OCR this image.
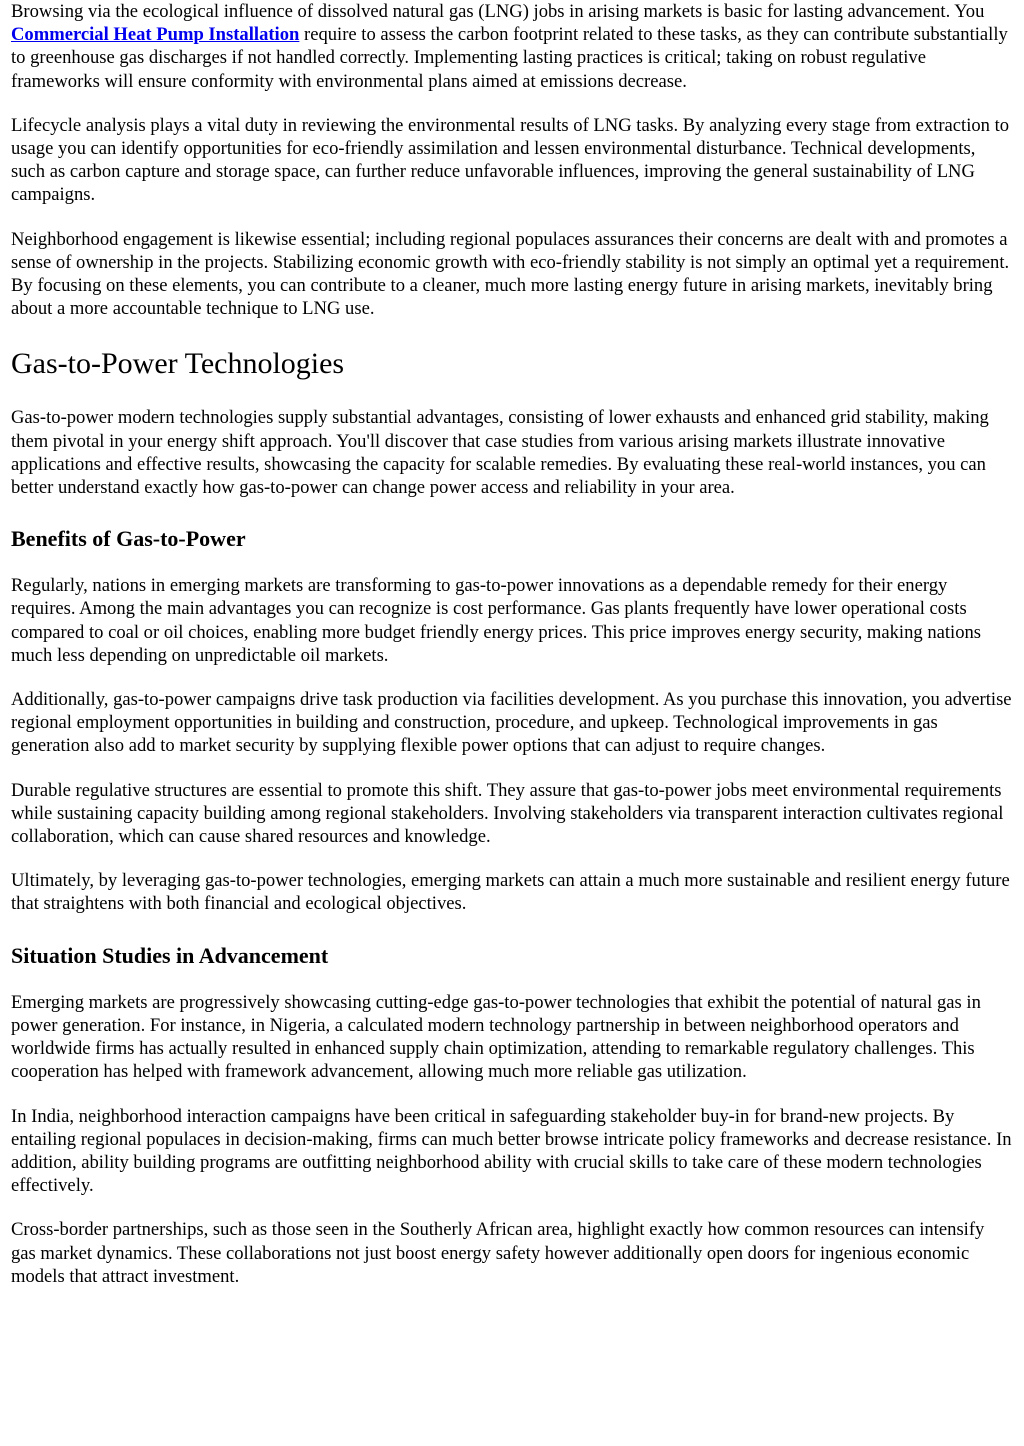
Browsing via the ecological influence of dissolved natural gas (LNG) jobs in arising markets is basic for lasting advancement. You Commercial Heat Pump Installation require to assess the carbon footprint related to these tasks, as they can contribute substantially to greenhouse gas discharges if not handled correctly. Implementing lasting practices is critical; taking on robust regulative frameworks will ensure conformity with environmental plans aimed at emissions decrease.

Lifecycle analysis plays a vital duty in reviewing the environmental results of LNG tasks. By analyzing every stage from extraction to usage you can identify opportunities for eco-friendly assimilation and lessen environmental disturbance. Technical developments, such as carbon capture and storage space, can further reduce unfavorable influences, improving the general sustainability of LNG campaigns.

Neighborhood engagement is likewise essential; including regional populaces assurances their concerns are dealt with and promotes a sense of ownership in the projects. Stabilizing economic growth with eco-friendly stability is not simply an optimal yet a requirement. By focusing on these elements, you can contribute to a cleaner, much more lasting energy future in arising markets, inevitably bring about a more accountable technique to LNG use.

Gas-to-Power Technologies

Gas-to-power modern technologies supply substantial advantages, consisting of lower exhausts and enhanced grid stability, making them pivotal in your energy shift approach. You'll discover that case studies from various arising markets illustrate innovative applications and effective results, showcasing the capacity for scalable remedies. By evaluating these real-world instances, you can better understand exactly how gas-to-power can change power access and reliability in your area.

Benefits of Gas-to-Power

Regularly, nations in emerging markets are transforming to gas-to-power innovations as a dependable remedy for their energy requires. Among the main advantages you can recognize is cost performance. Gas plants frequently have lower operational costs compared to coal or oil choices, enabling more budget friendly energy prices. This price improves energy security, making nations much less depending on unpredictable oil markets.

Additionally, gas-to-power campaigns drive task production via facilities development. As you purchase this innovation, you advertise regional employment opportunities in building and construction, procedure, and upkeep. Technological improvements in gas generation also add to market security by supplying flexible power options that can adjust to require changes.

Durable regulative structures are essential to promote this shift. They assure that gas-to-power jobs meet environmental requirements while sustaining capacity building among regional stakeholders. Involving stakeholders via transparent interaction cultivates regional collaboration, which can cause shared resources and knowledge.

Ultimately, by leveraging gas-to-power technologies, emerging markets can attain a much more sustainable and resilient energy future that straightens with both financial and ecological objectives.

Situation Studies in Advancement

Emerging markets are progressively showcasing cutting-edge gas-to-power technologies that exhibit the potential of natural gas in power generation. For instance, in Nigeria, a calculated modern technology partnership in between neighborhood operators and worldwide firms has actually resulted in enhanced supply chain optimization, attending to remarkable regulatory challenges. This cooperation has helped with framework advancement, allowing much more reliable gas utilization.

In India, neighborhood interaction campaigns have been critical in safeguarding stakeholder buy-in for brand-new projects. By entailing regional populaces in decision-making, firms can much better browse intricate policy frameworks and decrease resistance. In addition, ability building programs are outfitting neighborhood ability with crucial skills to take care of these modern technologies effectively.

Cross-border partnerships, such as those seen in the Southerly African area, highlight exactly how common resources can intensify gas market dynamics. These collaborations not just boost energy safety however additionally open doors for ingenious economic models that attract investment.
